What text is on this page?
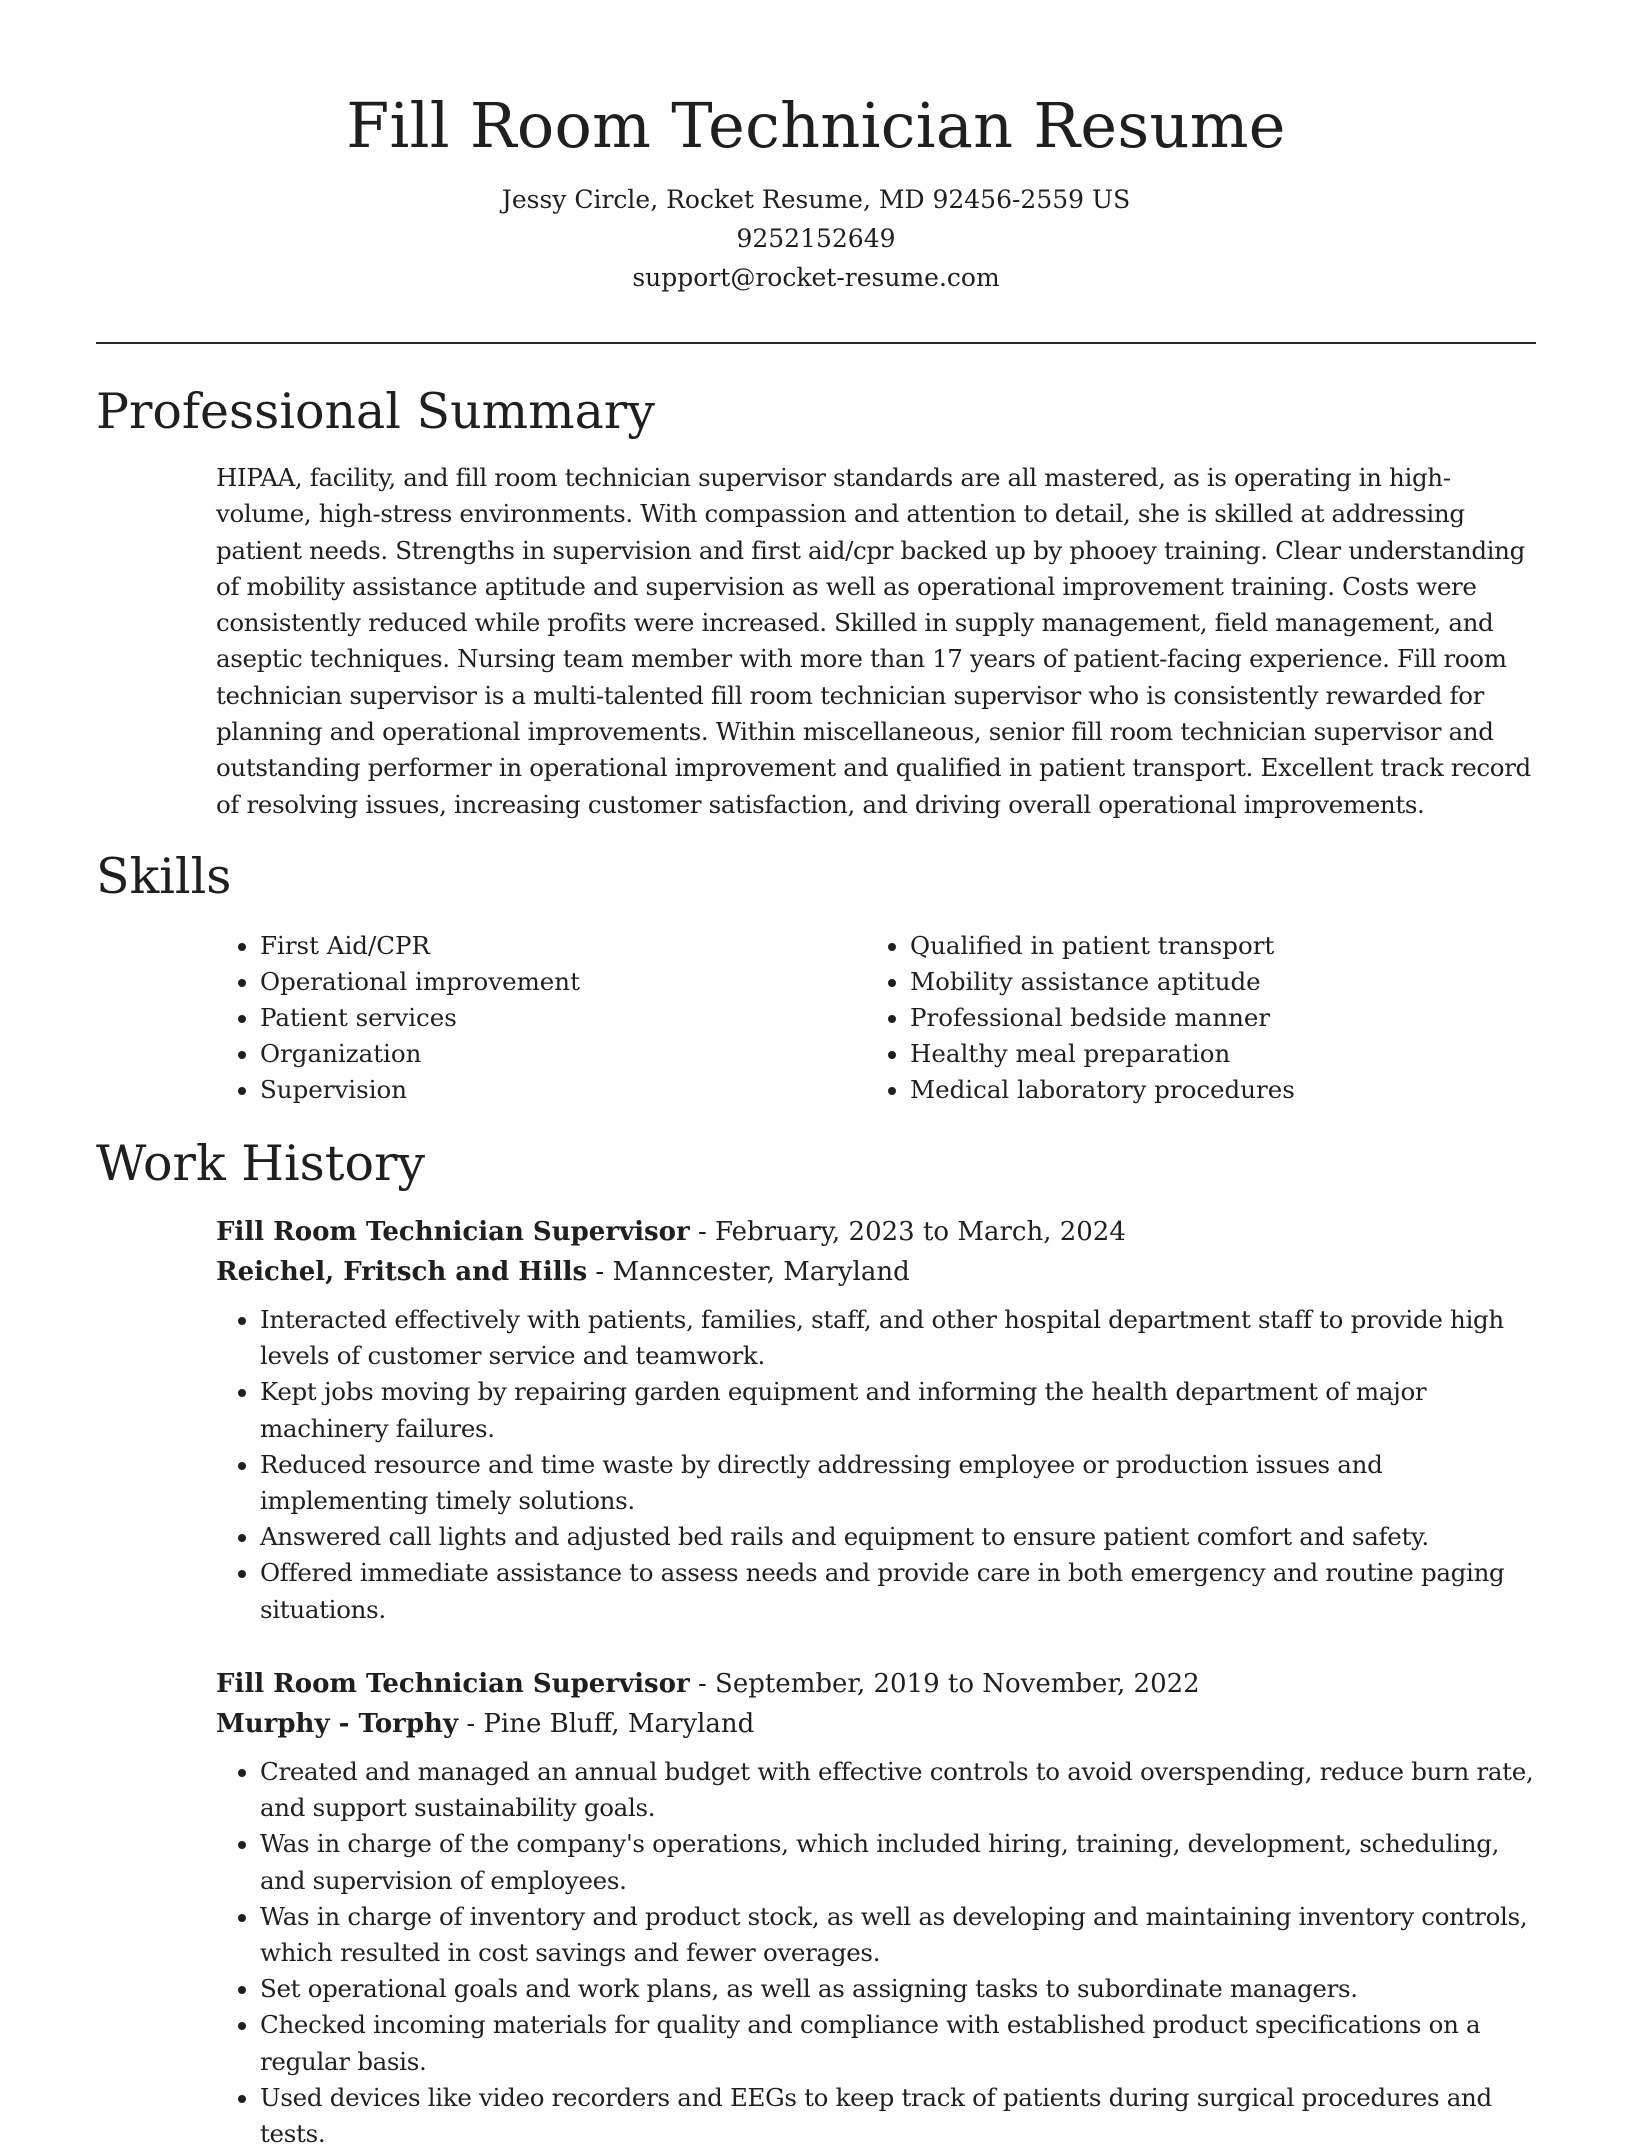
Fill Room Technician Resume
Jessy Circle, Rocket Resume, MD 92456-2559 US
9252152649
support@rocket-resume.com
Professional Summary

HIPAA, facility, and fill room technician supervisor standards are all mastered, as is operating in high-volume, high-stress environments. With compassion and attention to detail, she is skilled at addressing patient needs. Strengths in supervision and first aid/cpr backed up by phooey training. Clear understanding of mobility assistance aptitude and supervision as well as operational improvement training. Costs were consistently reduced while profits were increased. Skilled in supply management, field management, and aseptic techniques. Nursing team member with more than 17 years of patient-facing experience. Fill room technician supervisor is a multi-talented fill room technician supervisor who is consistently rewarded for planning and operational improvements. Within miscellaneous, senior fill room technician supervisor and outstanding performer in operational improvement and qualified in patient transport. Excellent track record of resolving issues, increasing customer satisfaction, and driving overall operational improvements.

Skills
• First Aid/CPR
• Operational improvement
• Patient services
• Organization
• Supervision
• Qualified in patient transport
• Mobility assistance aptitude
• Professional bedside manner
• Healthy meal preparation
• Medical laboratory procedures
Work History
Fill Room Technician Supervisor - February, 2023 to March, 2024
Reichel, Fritsch and Hills - Manncester, Maryland
• Interacted effectively with patients, families, staff, and other hospital department staff to provide high levels of customer service and teamwork.
• Kept jobs moving by repairing garden equipment and informing the health department of major machinery failures.
• Reduced resource and time waste by directly addressing employee or production issues and implementing timely solutions.
• Answered call lights and adjusted bed rails and equipment to ensure patient comfort and safety.
• Offered immediate assistance to assess needs and provide care in both emergency and routine paging situations.
Fill Room Technician Supervisor - September, 2019 to November, 2022
Murphy - Torphy - Pine Bluff, Maryland
• Created and managed an annual budget with effective controls to avoid overspending, reduce burn rate, and support sustainability goals.
• Was in charge of the company's operations, which included hiring, training, development, scheduling, and supervision of employees.
• Was in charge of inventory and product stock, as well as developing and maintaining inventory controls, which resulted in cost savings and fewer overages.
• Set operational goals and work plans, as well as assigning tasks to subordinate managers.
• Checked incoming materials for quality and compliance with established product specifications on a regular basis.
• Used devices like video recorders and EEGs to keep track of patients during surgical procedures and tests.
